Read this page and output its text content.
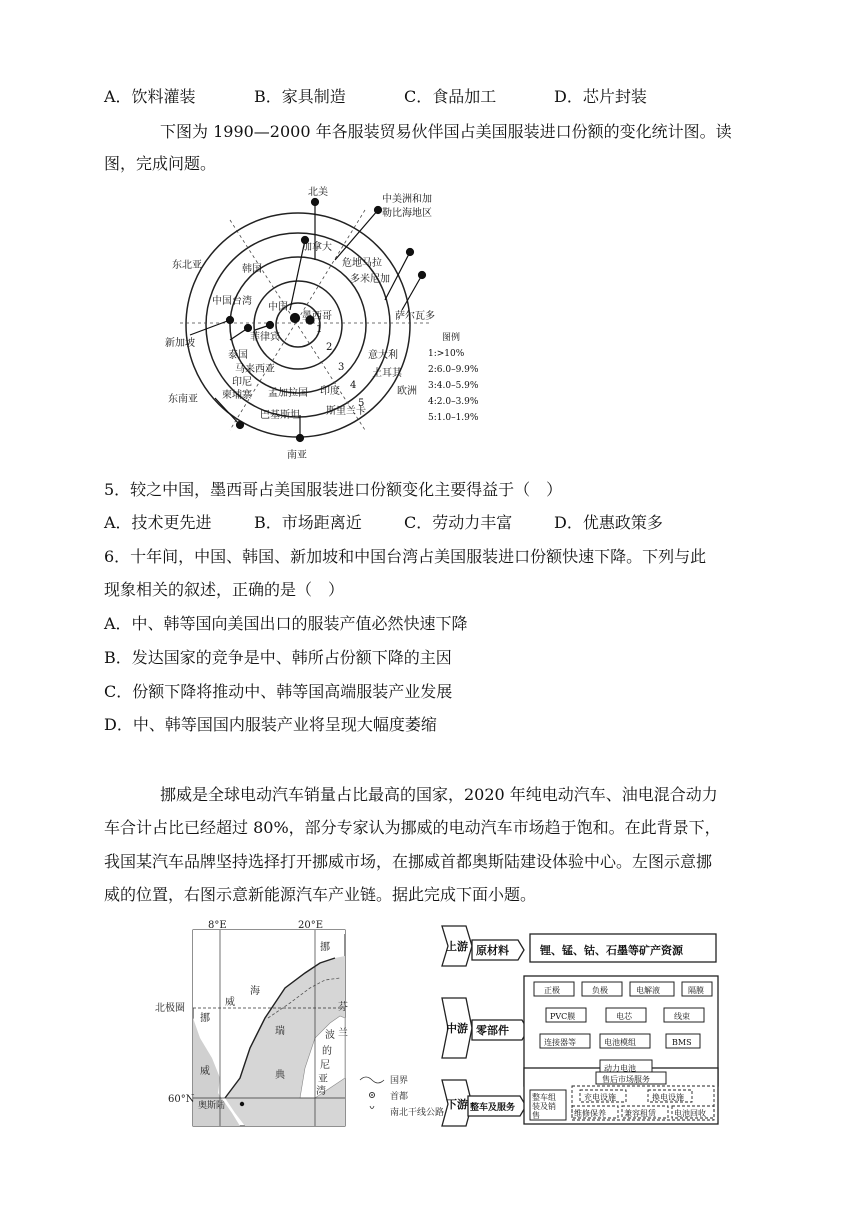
A．饮料灌装	B．家具制造	C．食品加工	D．芯片封装
下图为 1990—2000 年各服装贸易伙伴国占美国服装进口份额的变化统计图。读
图，完成问题。
北美
中美洲和加
勒比海地区
东北亚
新加坡
东南亚
南亚
欧洲
加拿大
危地马拉
多米尼加
韩国
中国台湾
中国
墨西哥	萨尔瓦多
菲律宾
泰国
马来西亚
印尼
柬埔寨 孟加拉国
巴基斯坦
印度
斯里兰卡
意大利
土耳其
1
2
3
4
5
图例
1:>10%
2:6.0–9.9%
3:4.0–5.9%
4:2.0–3.9%
5:1.0–1.9%
5．较之中国，墨西哥占美国服装进口份额变化主要得益于（　）
A．技术更先进	B．市场距离近	C．劳动力丰富	D．优惠政策多
6．十年间，中国、韩国、新加坡和中国台湾占美国服装进口份额快速下降。下列与此
现象相关的叙述，正确的是（　）
A．中、韩等国向美国出口的服装产值必然快速下降
B．发达国家的竞争是中、韩所占份额下降的主因
C．份额下降将推动中、韩等国高端服装产业发展
D．中、韩等国国内服装产业将呈现大幅度萎缩
挪威是全球电动汽车销量占比最高的国家，2020 年纯电动汽车、油电混合动力
车合计占比已经超过 80%，部分专家认为挪威的电动汽车市场趋于饱和。在此背景下，
我国某汽车品牌坚持选择打开挪威市场，在挪威首都奥斯陆建设体验中心。左图示意挪
威的位置，右图示意新能源汽车产业链。据此完成下面小题。
8°E	20°E
北极圈
60°N
海
威
挪
挪
威
瑞
典
波
的
尼
亚
湾
芬
兰
奥斯陆
国界
首都
南北干线公路
上游
中游
下游
原材料
零部件
整车及服务
锂、锰、钴、石墨等矿产资源
正极	负极	电解液	隔膜
PVC膜	电芯	线束
连接器等	电池模组	BMS
动力电池
整车组
装及销
售
售后市场服务
充电设施	换电设施
维修保养 兼容租赁 电池回收
